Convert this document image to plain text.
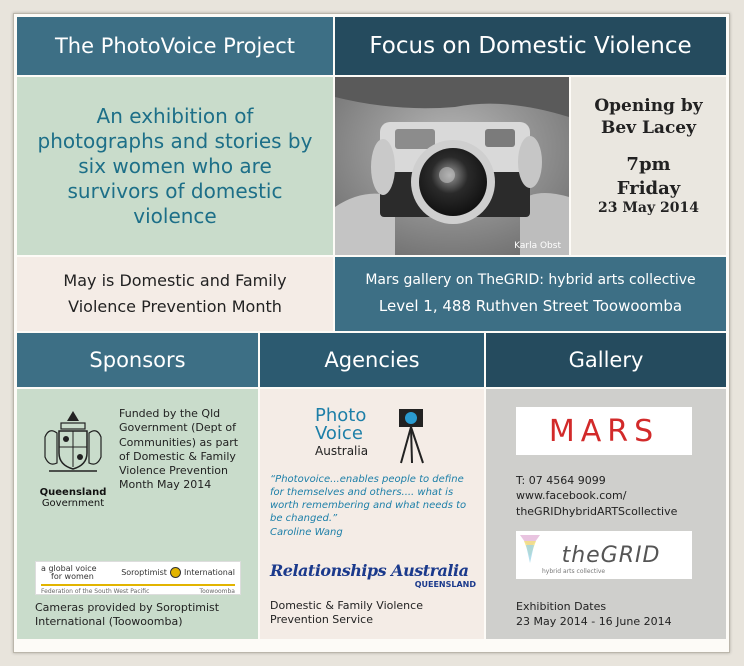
The PhotoVoice Project	Focus on Domestic Violence
An exhibition of photographs and stories by six women who are survivors of domestic violence
Karla Obst
Opening by
Bev Lacey
7pm
Friday
23 May 2014
May is Domestic and Family Violence Prevention Month
Mars gallery on TheGRID: hybrid arts collective
Level 1, 488 Ruthven Street Toowoomba
Sponsors	Agencies	Gallery
Queensland
Government
Funded by the Qld Government (Dept of Communities) as part of Domestic & Family Violence Prevention Month May 2014
a global voice
for women	Soroptimist International
Federation of the South West Pacific	Toowoomba
Cameras provided by Soroptimist International (Toowoomba)
Photo
Voice
Australia
“Photovoice...enables people to define for themselves and others.... what is worth remembering and what needs to be changed.”
Caroline Wang
Relationships Australia
QUEENSLAND
Domestic & Family Violence Prevention Service
MARS
T: 07 4564 9099
www.facebook.com/
theGRIDhybridARTScollective
theGRID
hybrid arts collective
Exhibition Dates
23 May 2014 - 16 June 2014
